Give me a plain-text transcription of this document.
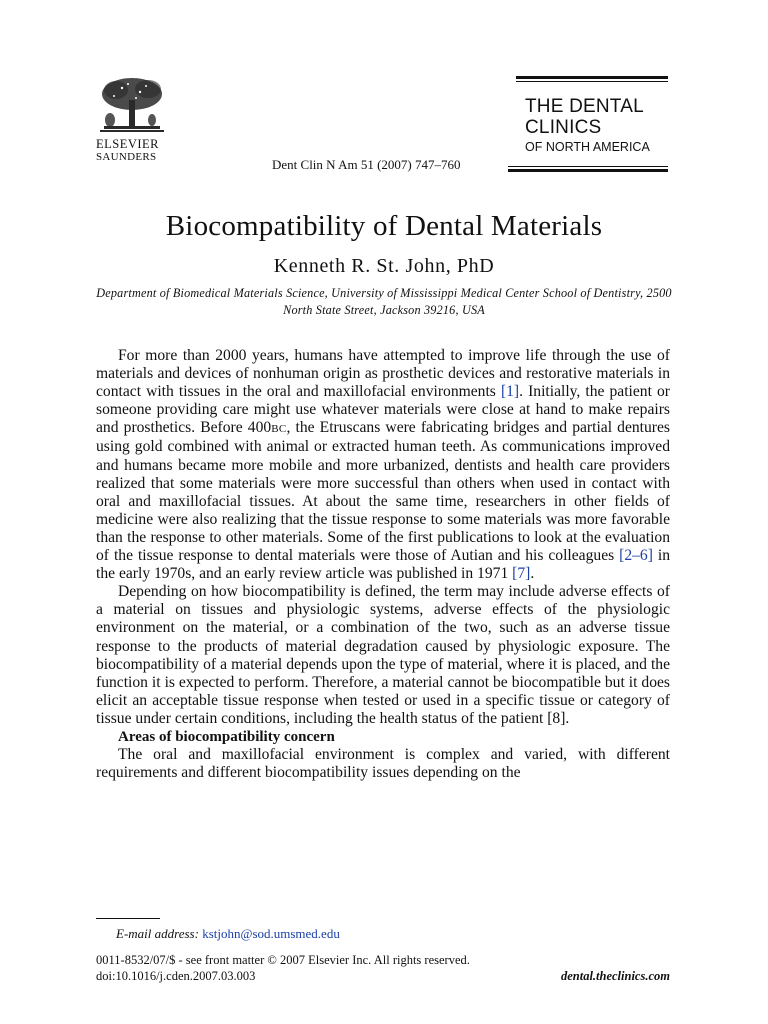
ELSEVIER
SAUNDERS	Dent Clin N Am 51 (2007) 747–760
THE DENTAL
CLINICS
OF NORTH AMERICA
Biocompatibility of Dental Materials
Kenneth R. St. John, PhD
Department of Biomedical Materials Science, University of Mississippi Medical Center School of Dentistry, 2500 North State Street, Jackson 39216, USA

For more than 2000 years, humans have attempted to improve life through the use of materials and devices of nonhuman origin as prosthetic devices and restorative materials in contact with tissues in the oral and maxillofacial environments [1]. Initially, the patient or someone providing care might use whatever materials were close at hand to make repairs and prosthetics. Before 400BC, the Etruscans were fabricating bridges and partial dentures using gold combined with animal or extracted human teeth. As communications improved and humans became more mobile and more urbanized, dentists and health care providers realized that some materials were more successful than others when used in contact with oral and maxillofacial tissues. At about the same time, researchers in other fields of medicine were also realizing that the tissue response to some materials was more favorable than the response to other materials. Some of the first publications to look at the evaluation of the tissue response to dental materials were those of Autian and his colleagues [2–6] in the early 1970s, and an early review article was published in 1971 [7].

Depending on how biocompatibility is defined, the term may include adverse effects of a material on tissues and physiologic systems, adverse effects of the physiologic environment on the material, or a combination of the two, such as an adverse tissue response to the products of material degradation caused by physiologic exposure. The biocompatibility of a material depends upon the type of material, where it is placed, and the function it is expected to perform. Therefore, a material cannot be biocompatible but it does elicit an acceptable tissue response when tested or used in a specific tissue or category of tissue under certain conditions, including the health status of the patient [8].

Areas of biocompatibility concern

The oral and maxillofacial environment is complex and varied, with different requirements and different biocompatibility issues depending on the

E-mail address: kstjohn@sod.umsmed.edu
0011-8532/07/$ - see front matter © 2007 Elsevier Inc. All rights reserved.
doi:10.1016/j.cden.2007.03.003	dental.theclinics.com
